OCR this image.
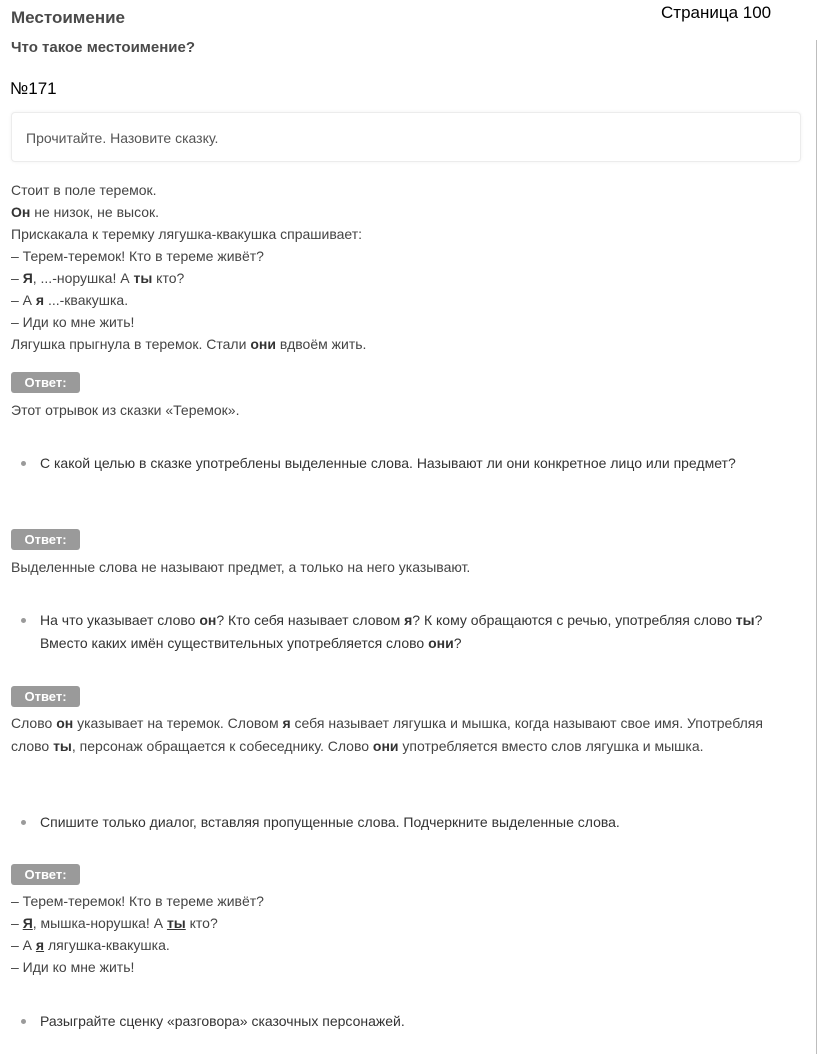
Местоимение	Страница 100
Что такое местоимение?
№171
Прочитайте. Назовите сказку.
Стоит в поле теремок.
Он не низок, не высок.
Прискакала к теремку лягушка-квакушка спрашивает:
– Терем-теремок! Кто в тереме живёт?
– Я, ...-норушка! А ты кто?
– А я ...-квакушка.
– Иди ко мне жить!
Лягушка прыгнула в теремок. Стали они вдвоём жить.
Ответ:
Этот отрывок из сказки «Теремок».
С какой целью в сказке употреблены выделенные слова. Называют ли они конкретное лицо или предмет?
Ответ:
Выделенные слова не называют предмет, а только на него указывают.
На что указывает слово он? Кто себя называет словом я? К кому обращаются с речью, употребляя слово ты? Вместо каких имён существительных употребляется слово они?
Ответ:
Слово он указывает на теремок. Словом я себя называет лягушка и мышка, когда называют свое имя. Употребляя слово ты, персонаж обращается к собеседнику. Слово они употребляется вместо слов лягушка и мышка.
Спишите только диалог, вставляя пропущенные слова. Подчеркните выделенные слова.
Ответ:
– Терем-теремок! Кто в тереме живёт?
– Я, мышка-норушка! А ты кто?
– А я лягушка-квакушка.
– Иди ко мне жить!
Разыграйте сценку «разговора» сказочных персонажей.
